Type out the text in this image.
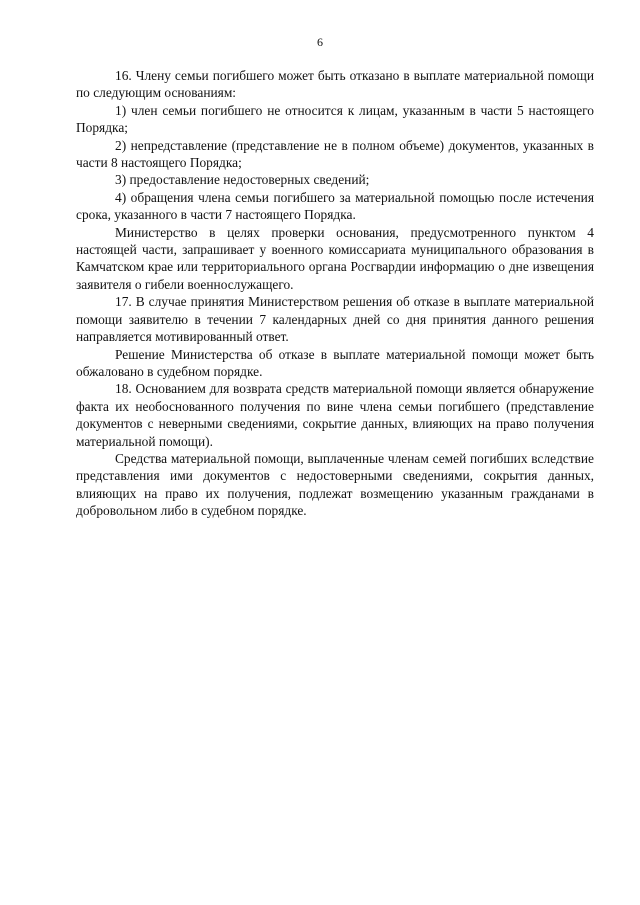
6

16. Члену семьи погибшего может быть отказано в выплате материальной помощи по следующим основаниям:

1) член семьи погибшего не относится к лицам, указанным в части 5 настоящего Порядка;

2) непредставление (представление не в полном объеме) документов, указанных в части 8 настоящего Порядка;

3) предоставление недостоверных сведений;

4) обращения члена семьи погибшего за материальной помощью после истечения срока, указанного в части 7 настоящего Порядка.

Министерство в целях проверки основания, предусмотренного пунктом 4 настоящей части, запрашивает у военного комиссариата муниципального образования в Камчатском крае или территориального органа Росгвардии информацию о дне извещения заявителя о гибели военнослужащего.

17. В случае принятия Министерством решения об отказе в выплате материальной помощи заявителю в течении 7 календарных дней со дня принятия данного решения направляется мотивированный ответ.

Решение Министерства об отказе в выплате материальной помощи может быть обжаловано в судебном порядке.

18. Основанием для возврата средств материальной помощи является обнаружение факта их необоснованного получения по вине члена семьи погибшего (представление документов с неверными сведениями, сокрытие данных, влияющих на право получения материальной помощи).

Средства материальной помощи, выплаченные членам семей погибших вследствие представления ими документов с недостоверными сведениями, сокрытия данных, влияющих на право их получения, подлежат возмещению указанным гражданами в добровольном либо в судебном порядке.
